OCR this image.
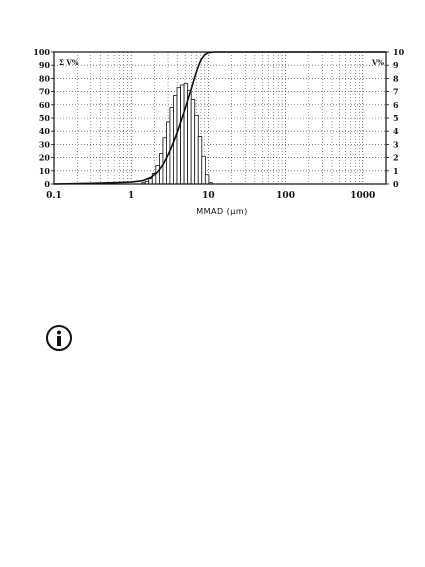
0
10
20
30
40
50
60
70
80
90
100
0
1
2
3
4
5
6
7
8
9
10
0.1	1	10	100	1000
Σ V%	V%
MMAD (μm)
